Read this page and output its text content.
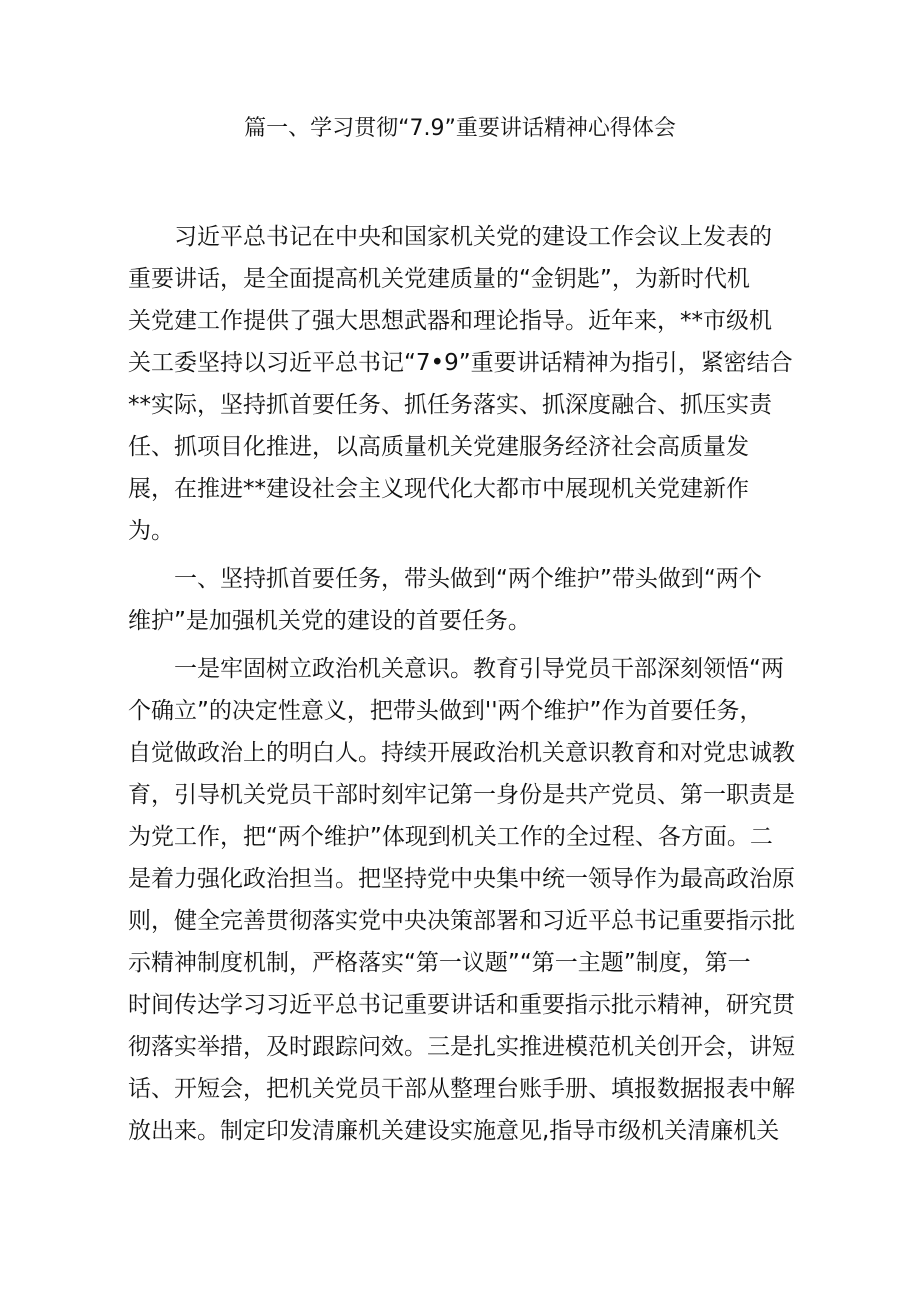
篇一、学习贯彻“7.9”重要讲话精神心得体会
　　习近平总书记在中央和国家机关党的建设工作会议上发表的
重要讲话，是全面提高机关党建质量的“金钥匙”，为新时代机
关党建工作提供了强大思想武器和理论指导。近年来，**市级机
关工委坚持以习近平总书记“7•9”重要讲话精神为指引，紧密结合
**实际，坚持抓首要任务、抓任务落实、抓深度融合、抓压实责
任、抓项目化推进，以高质量机关党建服务经济社会高质量发
展，在推进**建设社会主义现代化大都市中展现机关党建新作
为。
　　一、坚持抓首要任务，带头做到“两个维护”带头做到“两个
维护”是加强机关党的建设的首要任务。
　　一是牢固树立政治机关意识。教育引导党员干部深刻领悟“两
个确立”的决定性意义，把带头做到''两个维护”作为首要任务，
自觉做政治上的明白人。持续开展政治机关意识教育和对党忠诚教
育，引导机关党员干部时刻牢记第一身份是共产党员、第一职责是
为党工作，把“两个维护”体现到机关工作的全过程、各方面。二
是着力强化政治担当。把坚持党中央集中统一领导作为最高政治原
则，健全完善贯彻落实党中央决策部署和习近平总书记重要指示批
示精神制度机制，严格落实“第一议题”“第一主题”制度，第一
时间传达学习习近平总书记重要讲话和重要指示批示精神，研究贯
彻落实举措，及时跟踪问效。三是扎实推进模范机关创开会，讲短
话、开短会，把机关党员干部从整理台账手册、填报数据报表中解
放出来。制定印发清廉机关建设实施意见,指导市级机关清廉机关
